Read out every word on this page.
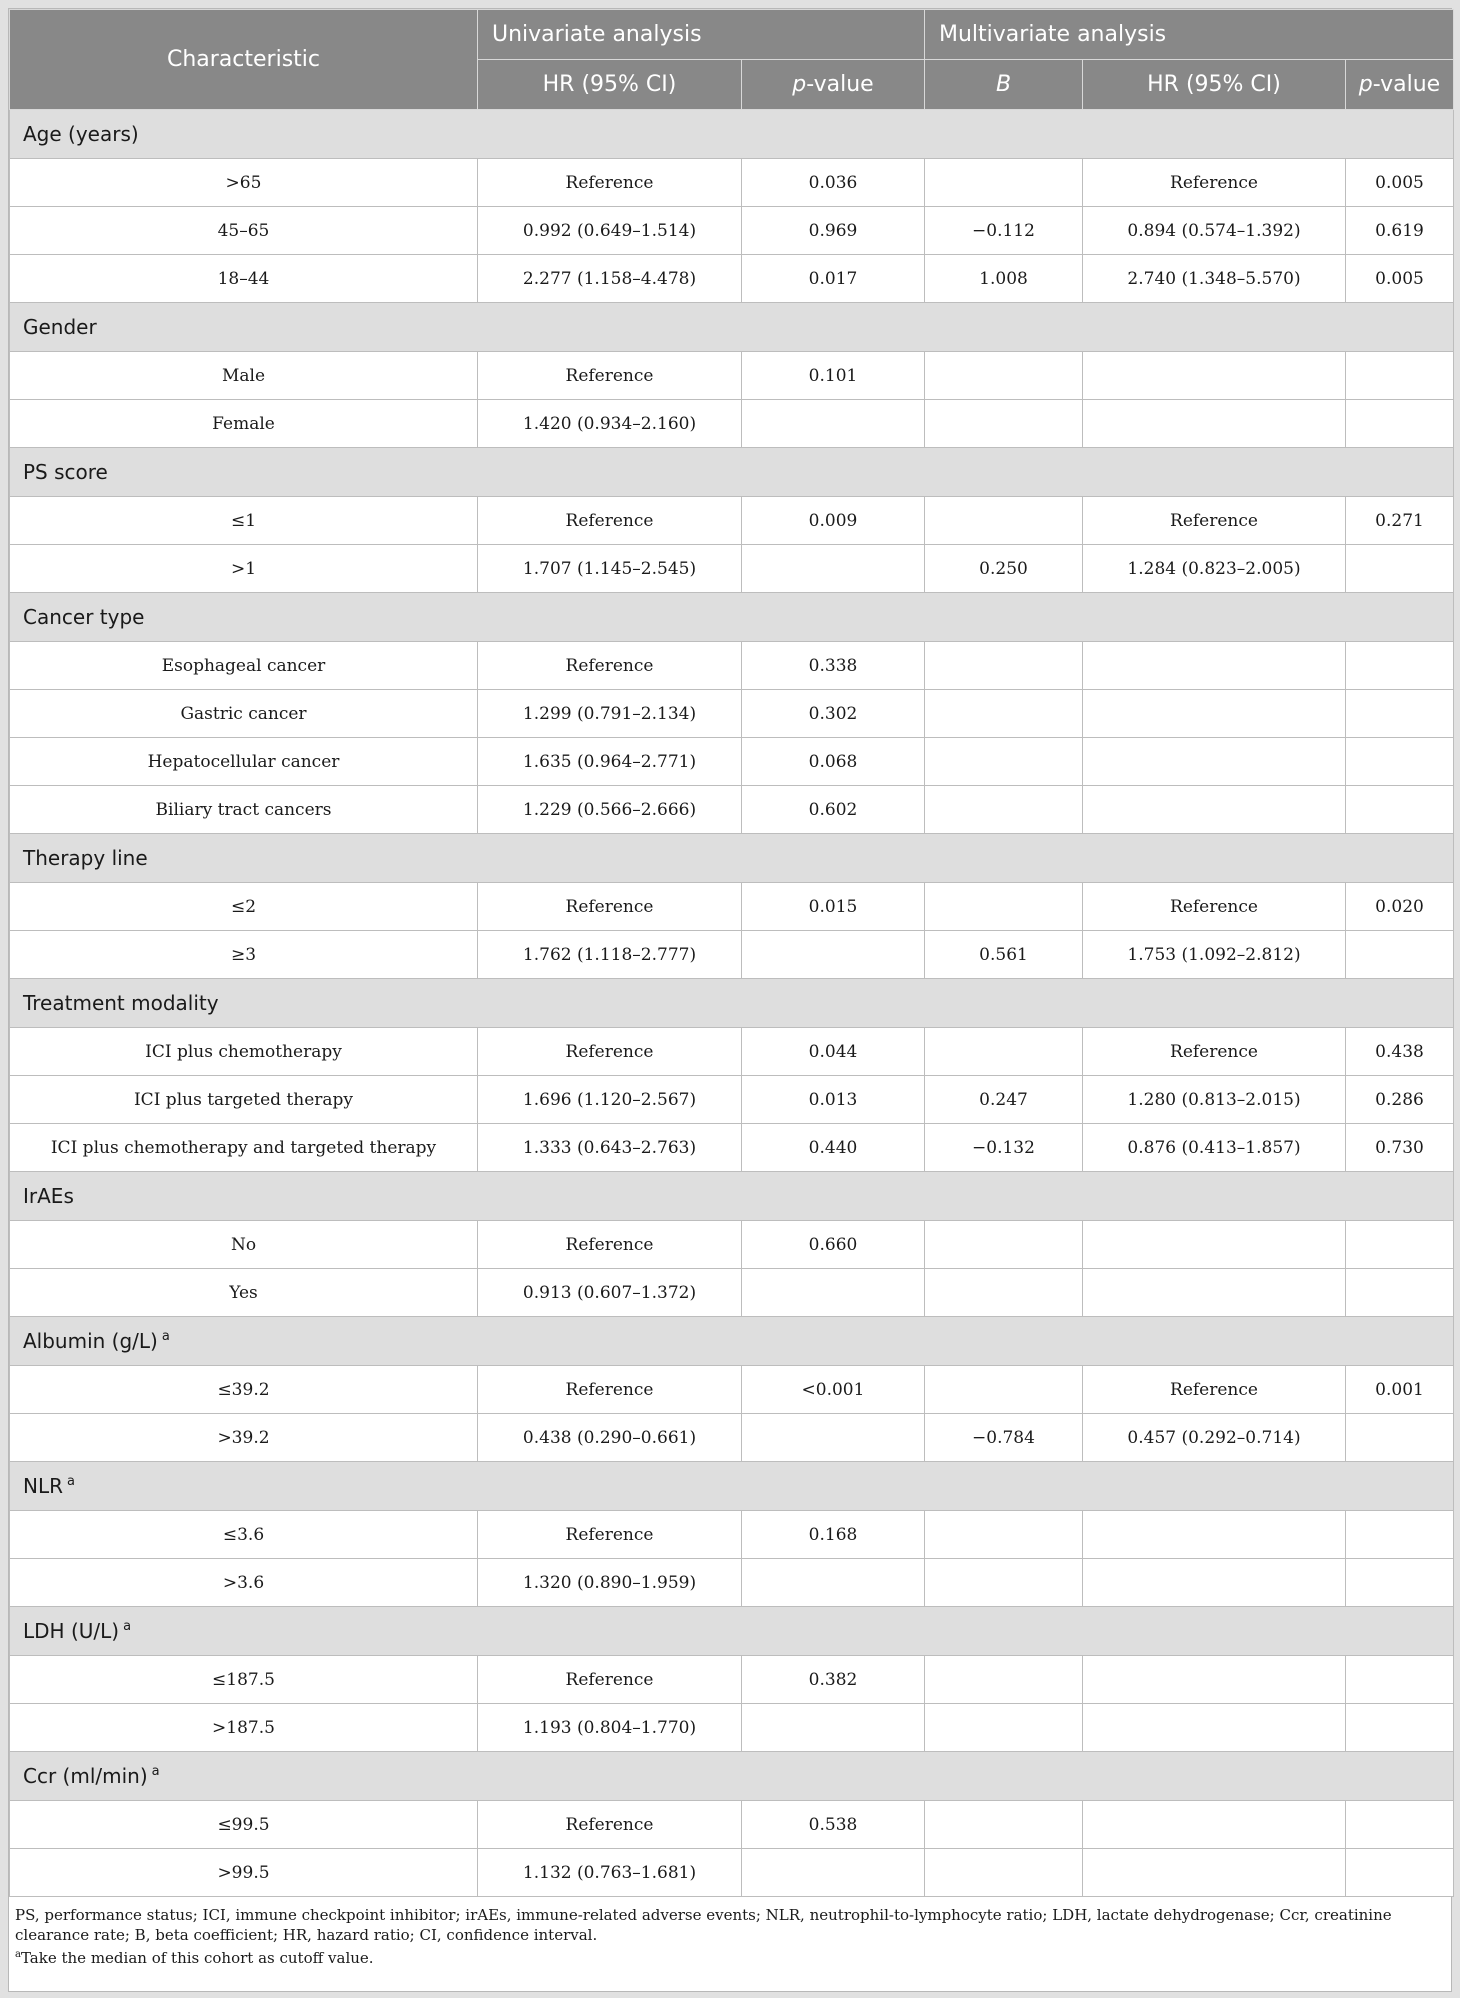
Characteristic	Univariate analysis		Multivariate analysis		
	HR (95% CI)	p-value	B	HR (95% CI)	p-value
Age (years)					
>65	Reference	0.036		Reference	0.005
45–65	0.992 (0.649–1.514)	0.969	−0.112	0.894 (0.574–1.392)	0.619
18–44	2.277 (1.158–4.478)	0.017	1.008	2.740 (1.348–5.570)	0.005
Gender					
Male	Reference	0.101			
Female	1.420 (0.934–2.160)				
PS score					
≤1	Reference	0.009		Reference	0.271
>1	1.707 (1.145–2.545)		0.250	1.284 (0.823–2.005)	
Cancer type					
Esophageal cancer	Reference	0.338			
Gastric cancer	1.299 (0.791–2.134)	0.302			
Hepatocellular cancer	1.635 (0.964–2.771)	0.068			
Biliary tract cancers	1.229 (0.566–2.666)	0.602			
Therapy line					
≤2	Reference	0.015		Reference	0.020
≥3	1.762 (1.118–2.777)		0.561	1.753 (1.092–2.812)	
Treatment modality					
ICI plus chemotherapy	Reference	0.044		Reference	0.438
ICI plus targeted therapy	1.696 (1.120–2.567)	0.013	0.247	1.280 (0.813–2.015)	0.286
ICI plus chemotherapy and targeted therapy	1.333 (0.643–2.763)	0.440	−0.132	0.876 (0.413–1.857)	0.730
IrAEs					
No	Reference	0.660			
Yes	0.913 (0.607–1.372)				
Albumin (g/L) $^a$
≤39.2	Reference	<0.001		Reference	0.001
>39.2	0.438 (0.290–0.661)		−0.784	0.457 (0.292–0.714)	
NLR $^a$
≤3.6	Reference	0.168			
>3.6	1.320 (0.890–1.959)				
LDH (U/L) $^a$
≤187.5	Reference	0.382			
>187.5	1.193 (0.804–1.770)				
Ccr (ml/min) $^a$
≤99.5	Reference	0.538			
>99.5	1.132 (0.763–1.681)				
PS, performance status; ICI, immune checkpoint inhibitor; irAEs, immune-related adverse events; NLR, neutrophil-to-lymphocyte ratio; LDH, lactate dehydrogenase; Ccr, creatinine clearance rate; B, beta coefficient; HR, hazard ratio; CI, confidence interval.
$^a$Take the median of this cohort as cutoff value.
